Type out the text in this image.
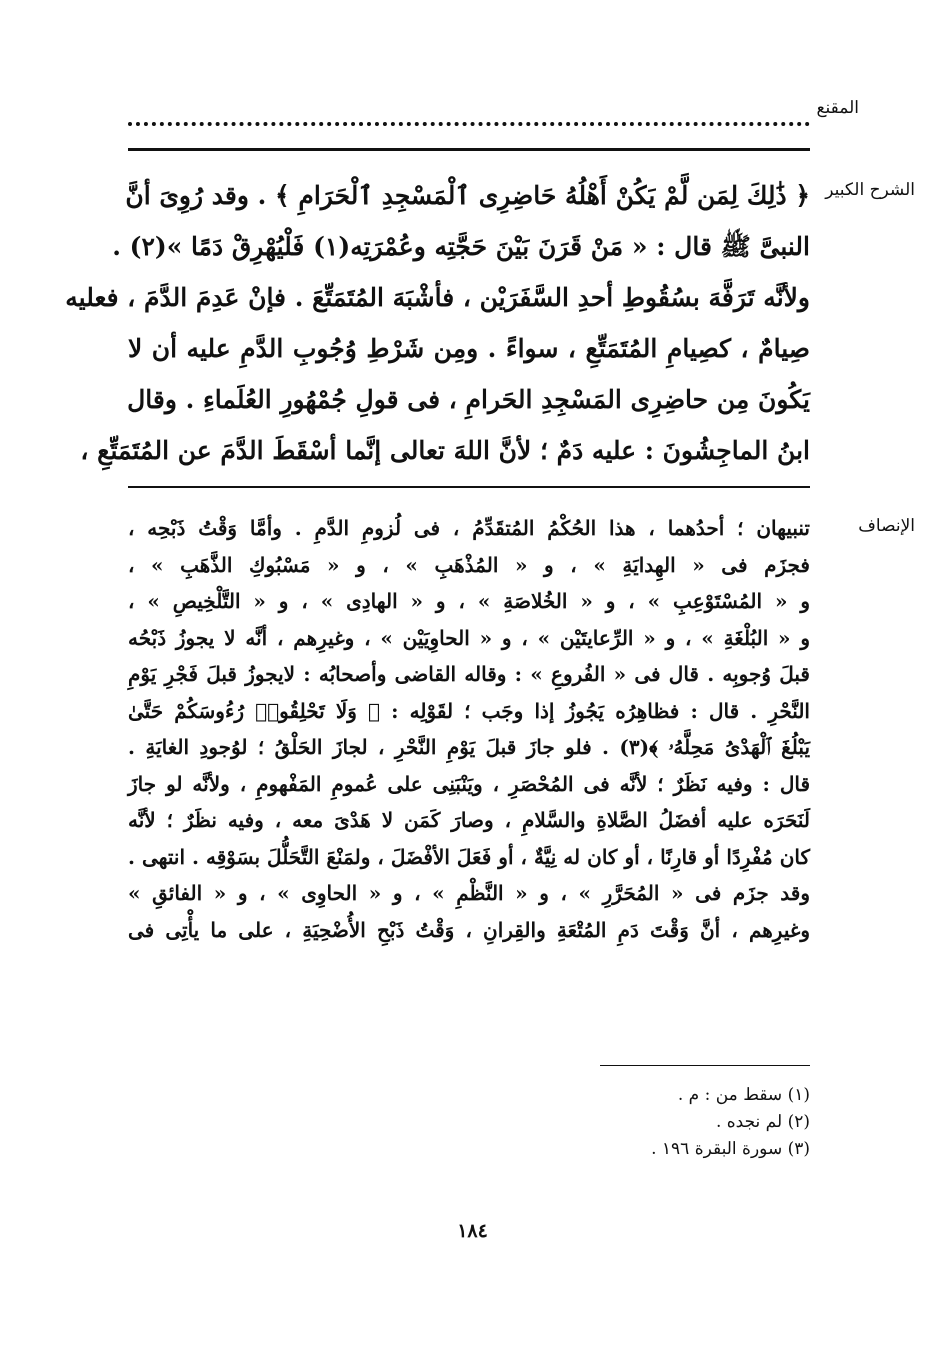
المقنع
الشرح الكبير

﴿ ذَٰلِكَ لِمَن لَّمْ يَكُنْ أَهْلُهُ حَاضِرِى ٱلْمَسْجِدِ ٱلْحَرَامِ ﴾ . وقد رُوِىَ أنَّ

النبىَّ ﷺ قال : « مَنْ قَرَنَ بَيْنَ حَجَّتِه وعُمْرَتِه(١) فَلْيُهْرِقْ دَمًا »(٢) .

ولأنَّه تَرَفَّهَ بسُقُوطِ أحدِ السَّفَرَيْن ، فأشْبَهَ المُتَمَتِّعَ . فإنْ عَدِمَ الدَّمَ ، فعليه

صِيامٌ ، كصِيامِ المُتَمَتِّعِ ، سواءً . ومِن شَرْطِ وُجُوبِ الدَّمِ عليه أن لا

يَكُونَ مِن حاضِرِى المَسْجِدِ الحَرامِ ، فى قولِ جُمْهُورِ العُلَماءِ . وقال

ابنُ الماجِشُونَ : عليه دَمٌ ؛ لأنَّ اللهَ تعالى إنَّما أسْقَطَ الدَّمَ عن المُتَمَتِّعِ ،

الإنصاف

تنبيهان ؛ أحدُهما ، هذا الحُكْمُ المُتقَدِّمُ ، فى لُزومِ الدَّمِ . وأمَّا وَقْتُ ذَبْحِه ،

فجزَم فى « الهِدايَةِ » ، و « المُذْهَبِ » ، و « مَسْبُوكِ الذَّهَبِ » ،

و « المُسْتَوْعِبِ » ، و « الخُلاصَةِ » ، و « الهادِى » ، و « التَّلْخِيصِ » ،

و « البُلْغَةِ » ، و « الرِّعايتَيْن » ، و « الحاوِيَيْن » ، وغيرِهم ، أنَّه لا يجوزُ ذَبْحُه

قبلَ وُجوبِه . قال فى « الفُروعِ » : وقاله القاضى وأصحابُه : لايجوزُ قبلَ فَجْرِ يَوْمِ

النَّحْرِ . قال : فظاهِرُه يَجُوزُ إذا وجَب ؛ لقَوْلِه : ﴿ وَلَا تَحْلِقُوا۟ رُءُوسَكُمْ حَتَّىٰ

يَبْلُغَ ٱلْهَدْىُ مَحِلَّهُۥ ﴾(٣) . فلو جازَ قبلَ يَوْمِ النَّحْرِ ، لجازَ الحَلْقُ ؛ لوُجودِ الغايَةِ .

قال : وفيه نَظَرٌ ؛ لأنَّه فى المُحْصَرِ ، ويَنْبَنِى على عُمومِ المَفْهومِ ، ولأنَّه لو جازَ

لَنَحَرَه عليه أفضَلُ الصَّلاةِ والسَّلامِ ، وصارَ كَمَن لا هَدْىَ معه ، وفيه نظَرٌ ؛ لأنَّه

كان مُفْرِدًا أو قارِنًا ، أو كان له نِيَّةٌ ، أو فَعَلَ الأفْضَلَ ، ولمَنْعَ التَّحَلُّلَ بسَوْقِه . انتهى .

وقد جزَم فى « المُحَرَّرِ » ، و « النَّظْمِ » ، و « الحاوِى » ، و « الفائقِ »

وغيرِهم ، أنَّ وَقْتَ دَمِ المُتْعَةِ والقِرانِ ، وَقْتُ ذَبْحِ الأُضْحِيَةِ ، على ما يأْتِى فى

(١) سقط من : م .
(٢) لم نجده .
(٣) سورة البقرة ١٩٦ .
١٨٤
